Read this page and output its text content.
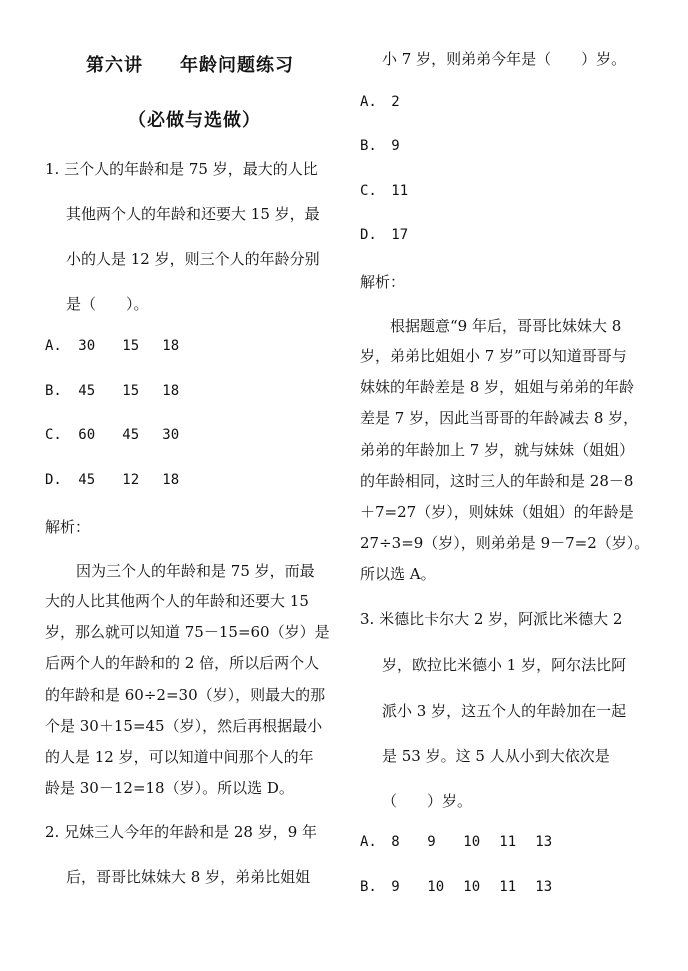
第六讲 年龄问题练习
（必做与选做）
1. 三个人的年龄和是 75 岁，最大的人比
其他两个人的年龄和还要大 15 岁，最
小的人是 12 岁，则三个人的年龄分别
是（　　）。
A. 30 15 18
B. 45 15 18
C. 60 45 30
D. 45 12 18
解析：
因为三个人的年龄和是 75 岁，而最
大的人比其他两个人的年龄和还要大 15
岁，那么就可以知道 75－15=60（岁）是
后两个人的年龄和的 2 倍，所以后两个人
的年龄和是 60÷2=30（岁），则最大的那
个是 30＋15=45（岁），然后再根据最小
的人是 12 岁，可以知道中间那个人的年
龄是 30－12=18（岁）。所以选 D。
2. 兄妹三人今年的年龄和是 28 岁，9 年
后，哥哥比妹妹大 8 岁，弟弟比姐姐
小 7 岁，则弟弟今年是（　　）岁。
A. 2
B. 9
C. 11
D. 17
解析：
根据题意“9 年后，哥哥比妹妹大 8
岁，弟弟比姐姐小 7 岁”可以知道哥哥与
妹妹的年龄差是 8 岁，姐姐与弟弟的年龄
差是 7 岁，因此当哥哥的年龄减去 8 岁，
弟弟的年龄加上 7 岁，就与妹妹（姐姐）
的年龄相同，这时三人的年龄和是 28－8
＋7=27（岁），则妹妹（姐姐）的年龄是
27÷3=9（岁），则弟弟是 9－7=2（岁）。
所以选 A。
3. 米德比卡尔大 2 岁，阿派比米德大 2
岁，欧拉比米德小 1 岁，阿尔法比阿
派小 3 岁，这五个人的年龄加在一起
是 53 岁。这 5 人从小到大依次是
（　　）岁。
A. 8 9 10 11 13
B. 9 10 10 11 13
